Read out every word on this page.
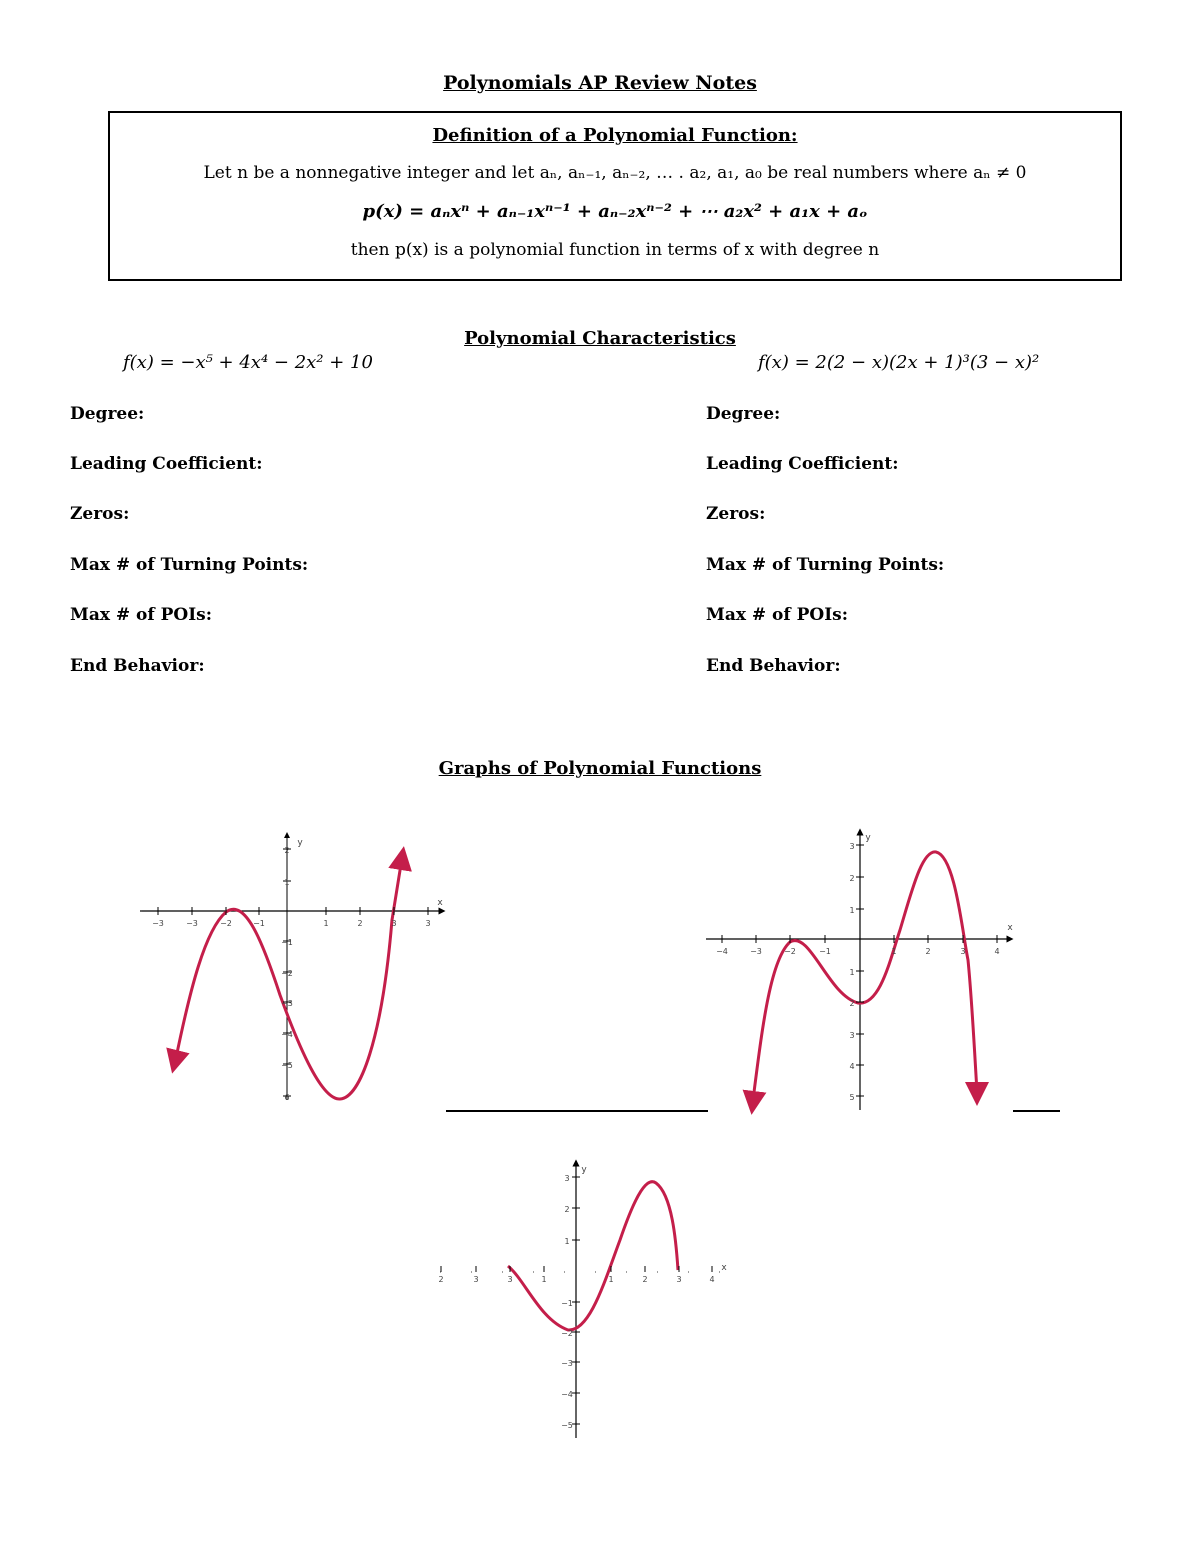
Polynomials AP Review Notes
Definition of a Polynomial Function:
Let n be a nonnegative integer and let aₙ, aₙ₋₁, aₙ₋₂, … . a₂, a₁, a₀ be real numbers where aₙ ≠ 0
p(x) = aₙxⁿ + aₙ₋₁xⁿ⁻¹ + aₙ₋₂xⁿ⁻² + ⋯ a₂x² + a₁x + aₒ
then p(x) is a polynomial function in terms of x with degree n
Polynomial Characteristics
f(x) = −x⁵ + 4x⁴ − 2x² + 10	f(x) = 2(2 − x)(2x + 1)³(3 − x)²
Degree:
Leading Coefficient:
Zeros:
Max # of Turning Points:
Max # of POIs:
End Behavior:
Degree:
Leading Coefficient:
Zeros:
Max # of Turning Points:
Max # of POIs:
End Behavior:
Graphs of Polynomial Functions
−3	−3	−2	−1	1	2	3	3
2
1
−1
−2
−3
−4
−5
6
x
y
−4	−3	−2	−1	1	2	3	4
3
2
1
1
2
3
4
5
x
y
2	3	3	1	1	2	3	4
3
2
1
−1
−2
−3
−4
−5
x
y
